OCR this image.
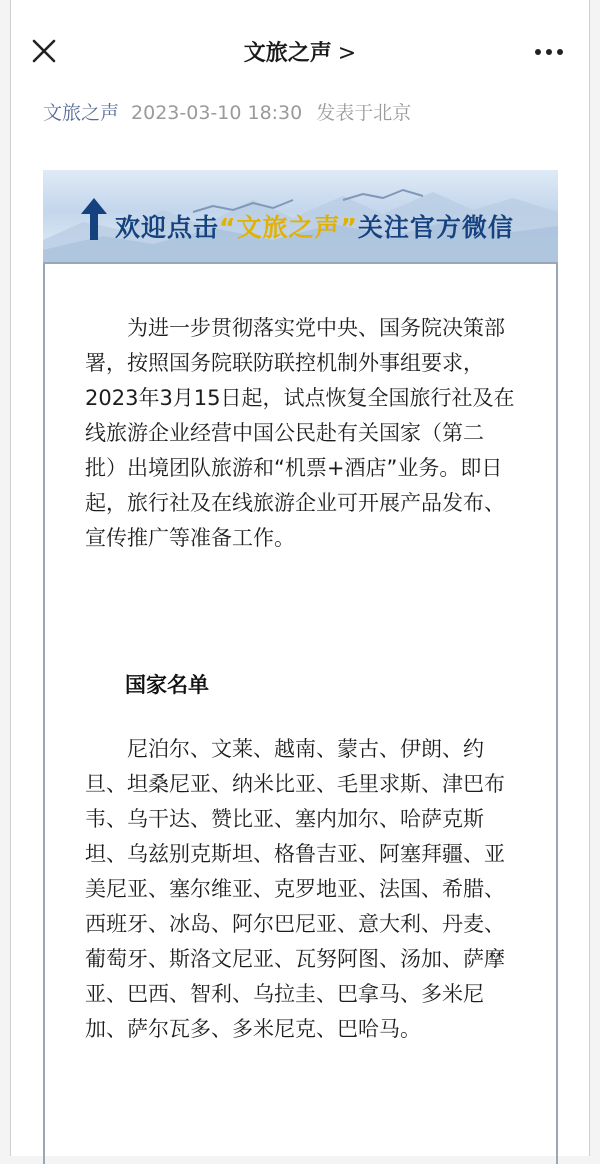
文旅之声 >
文旅之声 2023-03-10 18:30 发表于北京
欢迎点击“文旅之声”关注官方微信
为进一步贯彻落实党中央、国务院决策部署，按照国务院联防联控机制外事组要求，2023年3月15日起，试点恢复全国旅行社及在线旅游企业经营中国公民赴有关国家（第二批）出境团队旅游和“机票+酒店”业务。即日起，旅行社及在线旅游企业可开展产品发布、宣传推广等准备工作。
国家名单
尼泊尔、文莱、越南、蒙古、伊朗、约旦、坦桑尼亚、纳米比亚、毛里求斯、津巴布韦、乌干达、赞比亚、塞内加尔、哈萨克斯坦、乌兹别克斯坦、格鲁吉亚、阿塞拜疆、亚美尼亚、塞尔维亚、克罗地亚、法国、希腊、西班牙、冰岛、阿尔巴尼亚、意大利、丹麦、葡萄牙、斯洛文尼亚、瓦努阿图、汤加、萨摩亚、巴西、智利、乌拉圭、巴拿马、多米尼加、萨尔瓦多、多米尼克、巴哈马。
